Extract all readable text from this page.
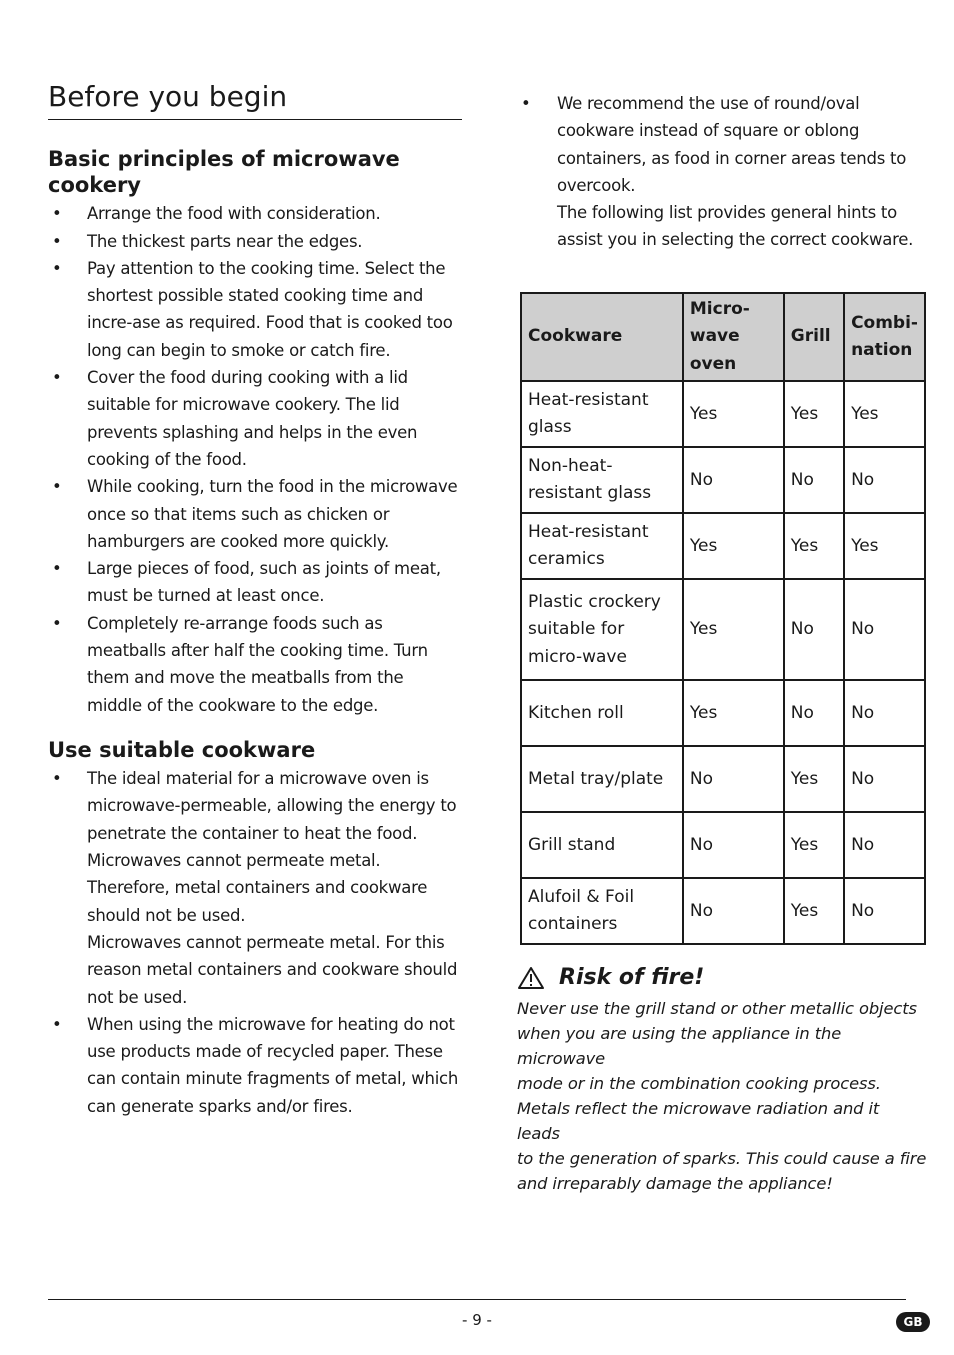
Before you begin
Basic principles of microwave cookery
• Arrange the food with consideration.
• The thickest parts near the edges.
• Pay attention to the cooking time. Select the shortest possible stated cooking time and incre-ase as required. Food that is cooked too long can begin to smoke or catch fire.
• Cover the food during cooking with a lid suitable for microwave cookery. The lid prevents splashing and helps in the even cooking of the food.
• While cooking, turn the food in the microwave once so that items such as chicken or hamburgers are cooked more quickly.
• Large pieces of food, such as joints of meat, must be turned at least once.
• Completely re-arrange foods such as meatballs after half the cooking time. Turn them and move the meatballs from the middle of the cookware to the edge.
Use suitable cookware
• The ideal material for a microwave oven is microwave-permeable, allowing the energy to penetrate the container to heat the food.
Microwaves cannot permeate metal. Therefore, metal containers and cookware should not be used.
Microwaves cannot permeate metal. For this reason metal containers and cookware should not be used.
• When using the microwave for heating do not use products made of recycled paper. These can contain minute fragments of metal, which can generate sparks and/or fires.
• We recommend the use of round/oval cookware instead of square or oblong containers, as food in corner areas tends to overcook.
The following list provides general hints to assist you in selecting the correct cookware.
Cookware	Micro-wave oven	Grill	Combi-nation
Heat-resistant glass	Yes	Yes	Yes
Non-heat-resistant glass	No	No	No
Heat-resistant ceramics	Yes	Yes	Yes
Plastic crockery suitable for micro-wave	Yes	No	No
Kitchen roll	Yes	No	No
Metal tray/plate	No	Yes	No
Grill stand	No	Yes	No
Alufoil & Foil containers	No	Yes	No
Risk of fire!

Never use the grill stand or other metallic objects
when you are using the appliance in the microwave
mode or in the combination cooking process.
Metals reflect the microwave radiation and it leads
to the generation of sparks. This could cause a fire
and irreparably damage the appliance!

- 9 -	GB
